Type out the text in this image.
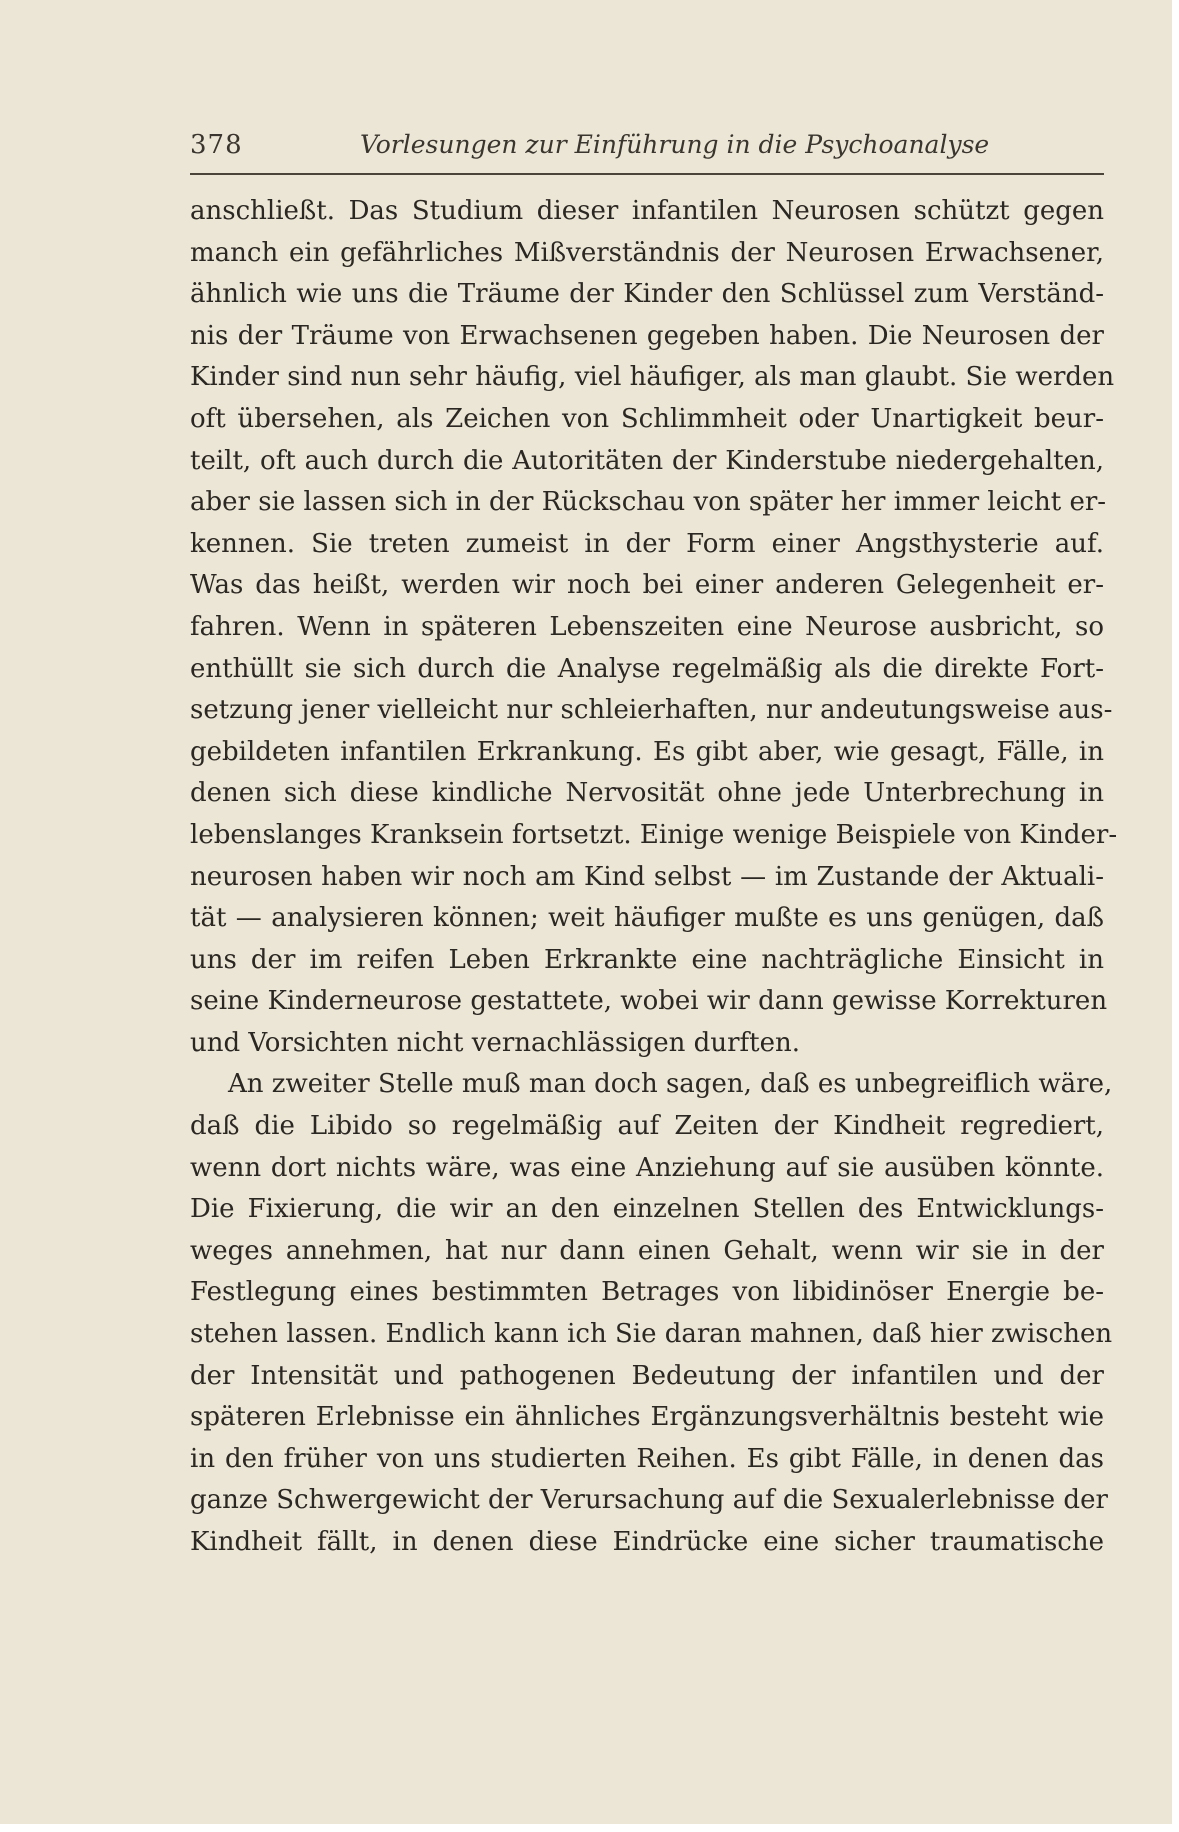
378	Vorlesungen zur Einführung in die Psychoanalyse
anschließt. Das Studium dieser infantilen Neurosen schützt gegen
manch ein gefährliches Mißverständnis der Neurosen Erwachsener,
ähnlich wie uns die Träume der Kinder den Schlüssel zum Verständ-
nis der Träume von Erwachsenen gegeben haben. Die Neurosen der
Kinder sind nun sehr häufig, viel häufiger, als man glaubt. Sie werden
oft übersehen, als Zeichen von Schlimmheit oder Unartigkeit beur-
teilt, oft auch durch die Autoritäten der Kinderstube niedergehalten,
aber sie lassen sich in der Rückschau von später her immer leicht er-
kennen. Sie treten zumeist in der Form einer Angsthysterie auf.
Was das heißt, werden wir noch bei einer anderen Gelegenheit er-
fahren. Wenn in späteren Lebenszeiten eine Neurose ausbricht, so
enthüllt sie sich durch die Analyse regelmäßig als die direkte Fort-
setzung jener vielleicht nur schleierhaften, nur andeutungsweise aus-
gebildeten infantilen Erkrankung. Es gibt aber, wie gesagt, Fälle, in
denen sich diese kindliche Nervosität ohne jede Unterbrechung in
lebenslanges Kranksein fortsetzt. Einige wenige Beispiele von Kinder-
neurosen haben wir noch am Kind selbst — im Zustande der Aktuali-
tät — analysieren können; weit häufiger mußte es uns genügen, daß
uns der im reifen Leben Erkrankte eine nachträgliche Einsicht in
seine Kinderneurose gestattete, wobei wir dann gewisse Korrekturen
und Vorsichten nicht vernachlässigen durften.
An zweiter Stelle muß man doch sagen, daß es unbegreiflich wäre,
daß die Libido so regelmäßig auf Zeiten der Kindheit regrediert,
wenn dort nichts wäre, was eine Anziehung auf sie ausüben könnte.
Die Fixierung, die wir an den einzelnen Stellen des Entwicklungs-
weges annehmen, hat nur dann einen Gehalt, wenn wir sie in der
Festlegung eines bestimmten Betrages von libidinöser Energie be-
stehen lassen. Endlich kann ich Sie daran mahnen, daß hier zwischen
der Intensität und pathogenen Bedeutung der infantilen und der
späteren Erlebnisse ein ähnliches Ergänzungsverhältnis besteht wie
in den früher von uns studierten Reihen. Es gibt Fälle, in denen das
ganze Schwergewicht der Verursachung auf die Sexualerlebnisse der
Kindheit fällt, in denen diese Eindrücke eine sicher traumatische
